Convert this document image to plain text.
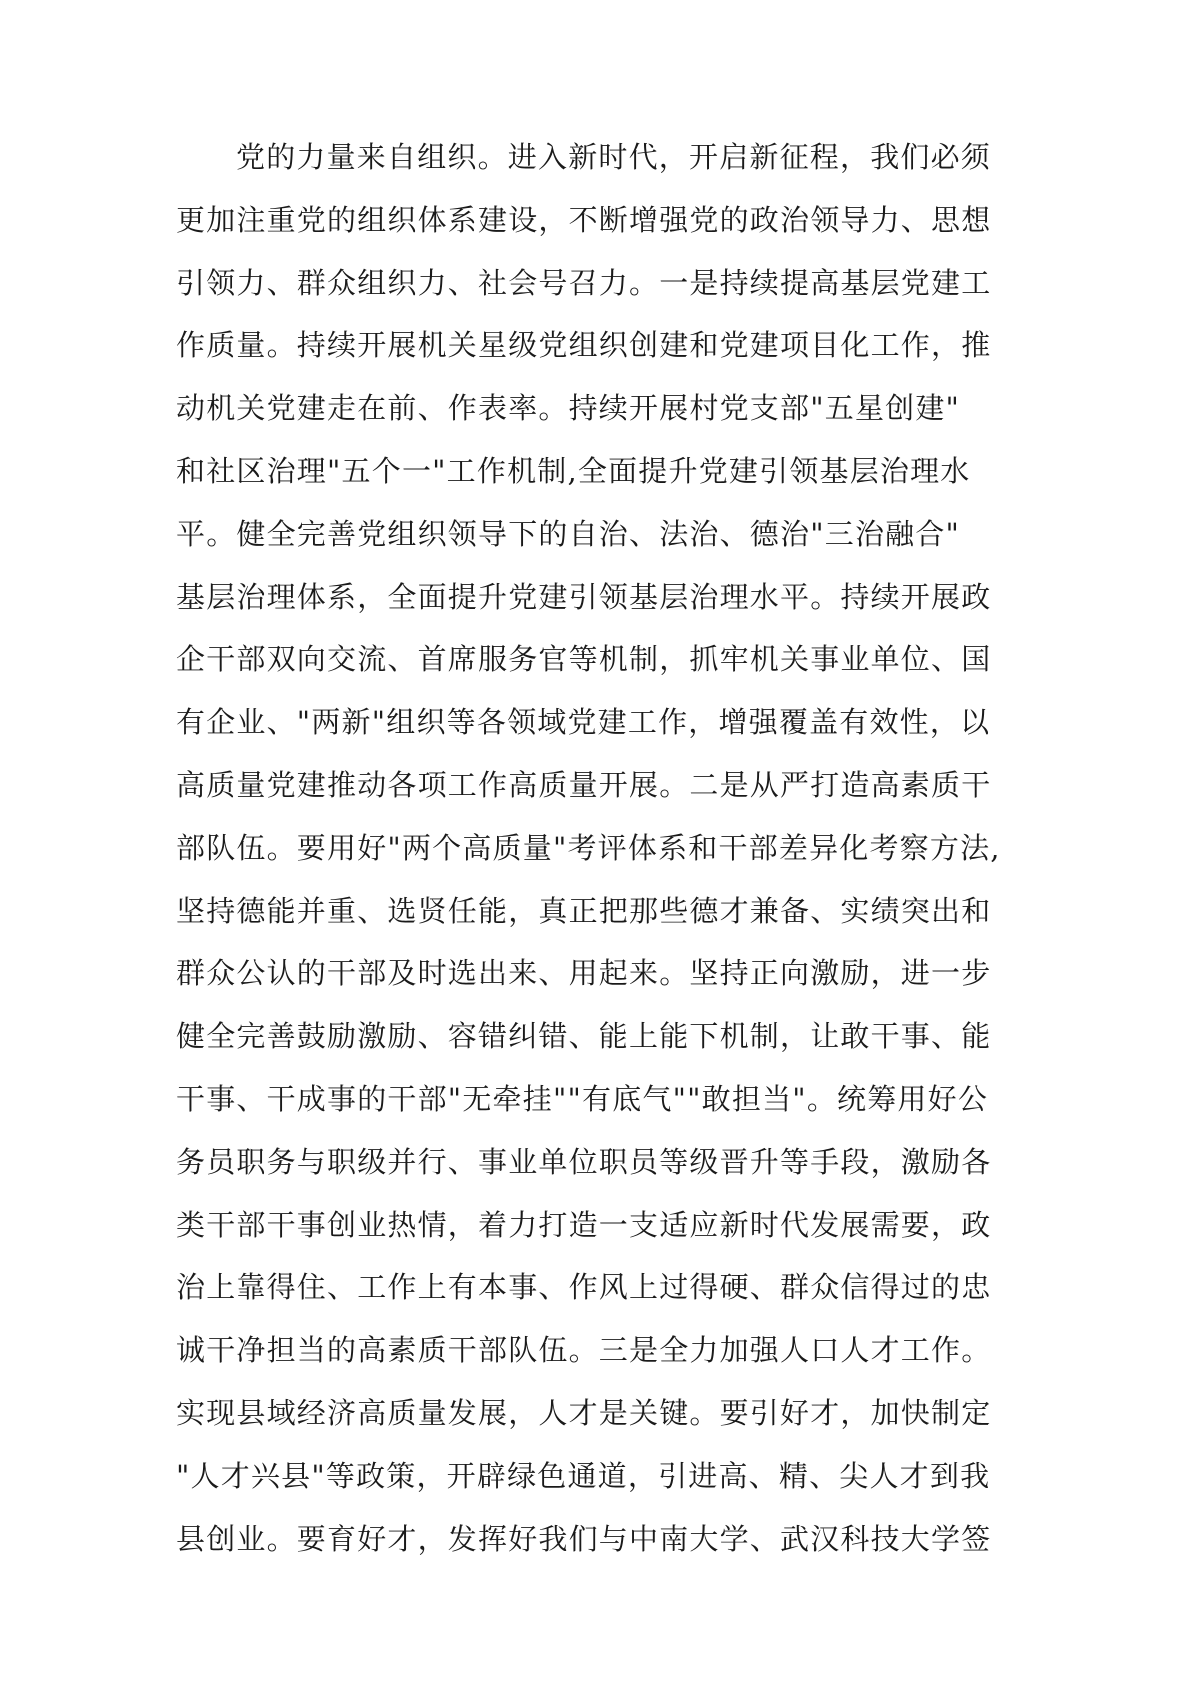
党的力量来自组织。进入新时代，开启新征程，我们必须
更加注重党的组织体系建设，不断增强党的政治领导力、思想
引领力、群众组织力、社会号召力。一是持续提高基层党建工
作质量。持续开展机关星级党组织创建和党建项目化工作，推
动机关党建走在前、作表率。持续开展村党支部"五星创建"
和社区治理"五个一"工作机制,全面提升党建引领基层治理水
平。健全完善党组织领导下的自治、法治、德治"三治融合"
基层治理体系，全面提升党建引领基层治理水平。持续开展政
企干部双向交流、首席服务官等机制，抓牢机关事业单位、国
有企业、"两新"组织等各领域党建工作，增强覆盖有效性，以
高质量党建推动各项工作高质量开展。二是从严打造高素质干
部队伍。要用好"两个高质量"考评体系和干部差异化考察方法,
坚持德能并重、选贤任能，真正把那些德才兼备、实绩突出和
群众公认的干部及时选出来、用起来。坚持正向激励，进一步
健全完善鼓励激励、容错纠错、能上能下机制，让敢干事、能
干事、干成事的干部"无牵挂""有底气""敢担当"。统筹用好公
务员职务与职级并行、事业单位职员等级晋升等手段，激励各
类干部干事创业热情，着力打造一支适应新时代发展需要，政
治上靠得住、工作上有本事、作风上过得硬、群众信得过的忠
诚干净担当的高素质干部队伍。三是全力加强人口人才工作。
实现县域经济高质量发展，人才是关键。要引好才，加快制定
"人才兴县"等政策，开辟绿色通道，引进高、精、尖人才到我
县创业。要育好才，发挥好我们与中南大学、武汉科技大学签
